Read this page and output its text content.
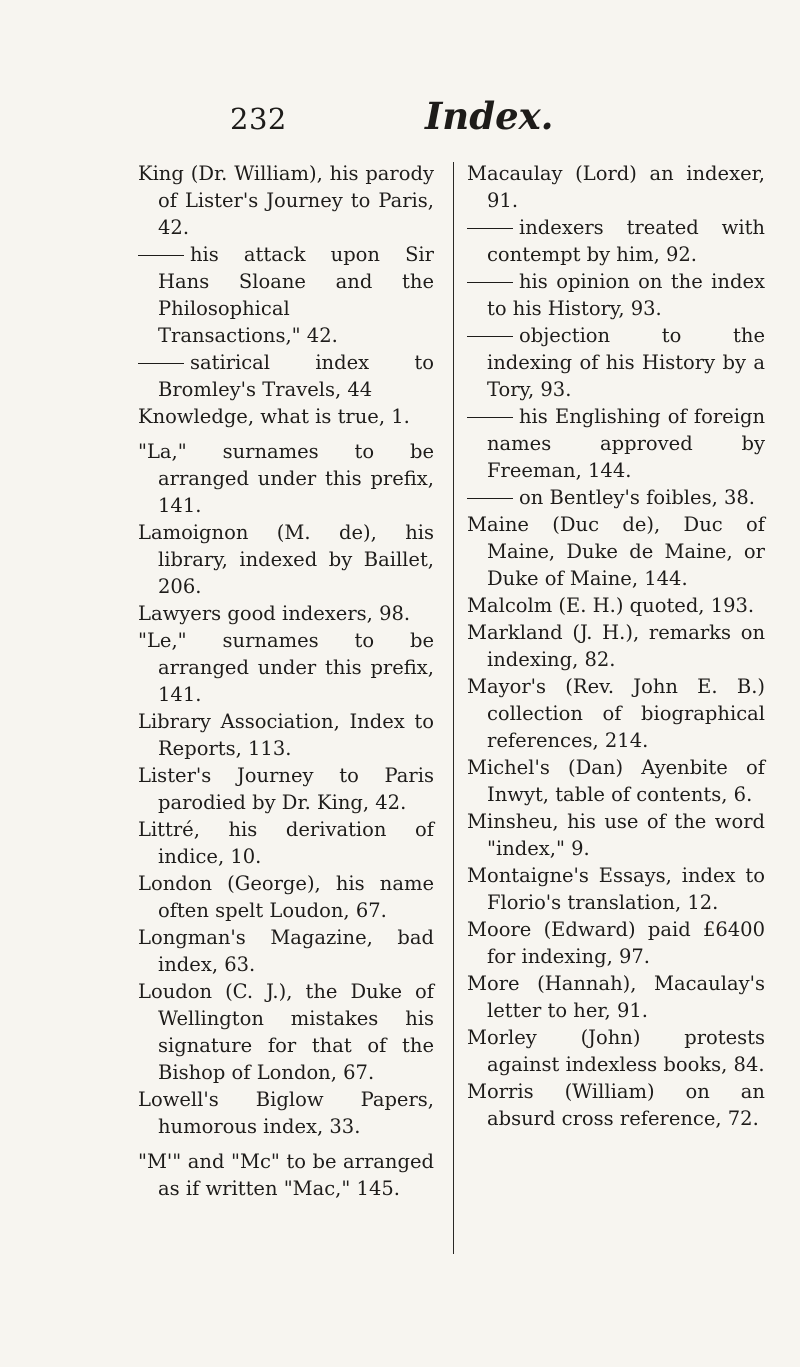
232	Index.

King (Dr. William), his parody of Lister's Journey to Paris, 42.

his attack upon Sir Hans Sloane and the Philosophical Transactions," 42.

satirical index to Bromley's Travels, 44

Knowledge, what is true, 1.

"La," surnames to be arranged under this prefix, 141.

Lamoignon (M. de), his library, indexed by Baillet, 206.

Lawyers good indexers, 98.

"Le," surnames to be arranged under this prefix, 141.

Library Association, Index to Reports, 113.

Lister's Journey to Paris parodied by Dr. King, 42.

Littré, his derivation of indice, 10.

London (George), his name often spelt Loudon, 67.

Longman's Magazine, bad index, 63.

Loudon (C. J.), the Duke of Wellington mistakes his signature for that of the Bishop of London, 67.

Lowell's Biglow Papers, humorous index, 33.

"M'" and "Mc" to be arranged as if written "Mac," 145.

Macaulay (Lord) an indexer, 91.

indexers treated with contempt by him, 92.

his opinion on the index to his History, 93.

objection to the indexing of his History by a Tory, 93.

his Englishing of foreign names approved by Freeman, 144.

on Bentley's foibles, 38.

Maine (Duc de), Duc of Maine, Duke de Maine, or Duke of Maine, 144.

Malcolm (E. H.) quoted, 193.

Markland (J. H.), remarks on indexing, 82.

Mayor's (Rev. John E. B.) collection of biographical references, 214.

Michel's (Dan) Ayenbite of Inwyt, table of contents, 6.

Minsheu, his use of the word "index," 9.

Montaigne's Essays, index to Florio's translation, 12.

Moore (Edward) paid £6400 for indexing, 97.

More (Hannah), Macaulay's letter to her, 91.

Morley (John) protests against indexless books, 84.

Morris (William) on an absurd cross reference, 72.
